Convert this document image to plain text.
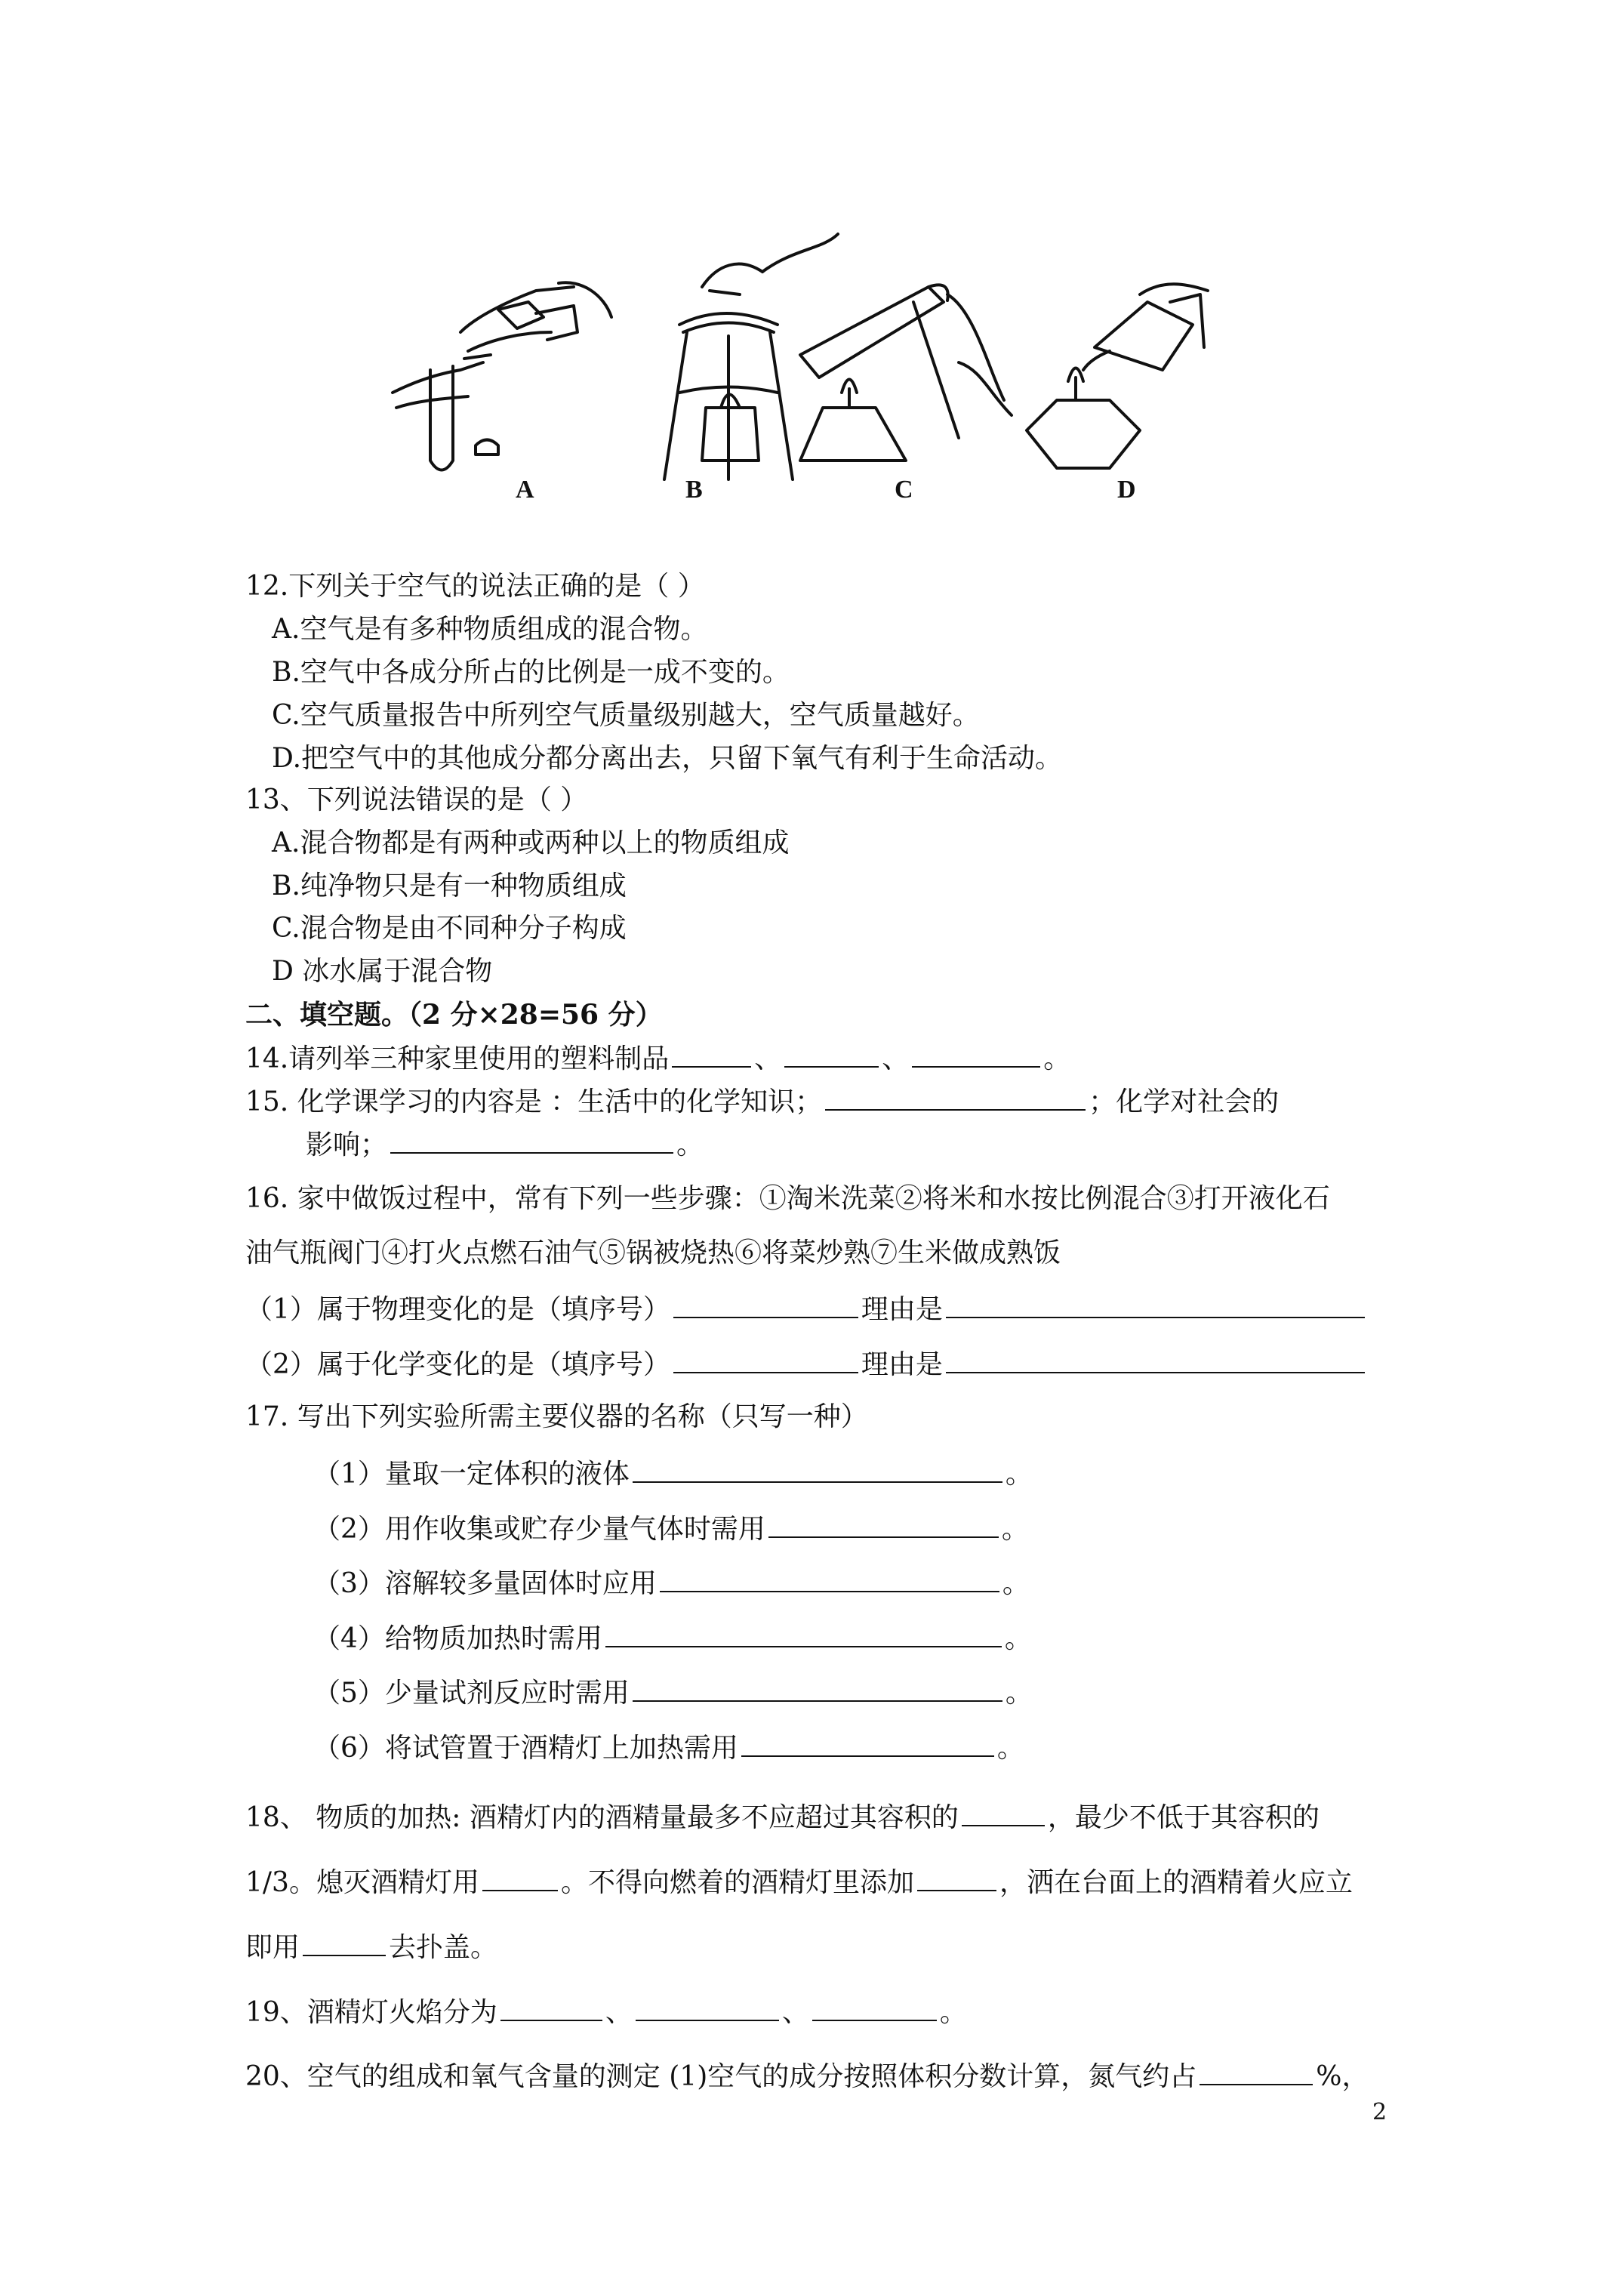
A	B	C	D
12.下列关于空气的说法正确的是（ ）
A.空气是有多种物质组成的混合物。
B.空气中各成分所占的比例是一成不变的。
C.空气质量报告中所列空气质量级别越大，空气质量越好。
D.把空气中的其他成分都分离出去，只留下氧气有利于生命活动。
13、下列说法错误的是（ ）
A.混合物都是有两种或两种以上的物质组成
B.纯净物只是有一种物质组成
C.混合物是由不同种分子构成
D 冰水属于混合物
二、填空题。（2 分×28=56 分）
14.请列举三种家里使用的塑料制品	、	、	。
15. 化学课学习的内容是 ：生活中的化学知识；	；化学对社会的
影响；	。
16. 家中做饭过程中，常有下列一些步骤：①淘米洗菜②将米和水按比例混合③打开液化石
油气瓶阀门④打火点燃石油气⑤锅被烧热⑥将菜炒熟⑦生米做成熟饭
（1）属于物理变化的是（填序号）	理由是
（2）属于化学变化的是（填序号）	理由是
17. 写出下列实验所需主要仪器的名称（只写一种）
（1）量取一定体积的液体	。
（2）用作收集或贮存少量气体时需用	。
（3）溶解较多量固体时应用	。
（4）给物质加热时需用	。
（5）少量试剂反应时需用	。
（6）将试管置于酒精灯上加热需用	。
18、 物质的加热: 酒精灯内的酒精量最多不应超过其容积的	，最少不低于其容积的
1/3。熄灭酒精灯用	。不得向燃着的酒精灯里添加	，洒在台面上的酒精着火应立
即用	去扑盖。
19、酒精灯火焰分为	、	、	。
20、空气的组成和氧气含量的测定 (1)空气的成分按照体积分数计算，氮气约占	%，
2
